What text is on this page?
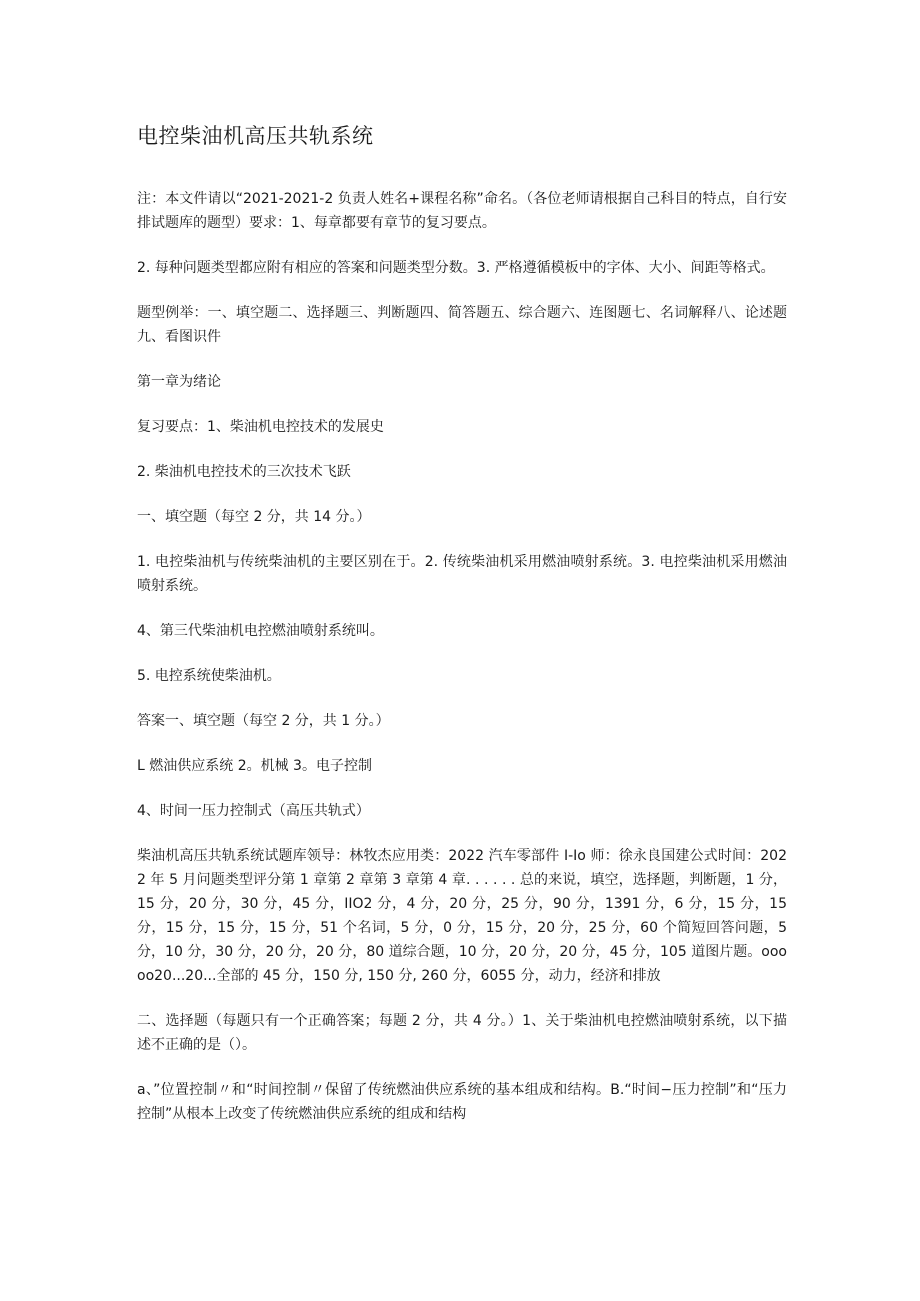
电控柴油机高压共轨系统

注：本文件请以“2021-2021-2 负责人姓名+课程名称”命名。（各位老师请根据自己科目的特点，自行安排试题库的题型）要求：1、每章都要有章节的复习要点。

2. 每种问题类型都应附有相应的答案和问题类型分数。3. 严格遵循模板中的字体、大小、间距等格式。

题型例举：一、填空题二、选择题三、判断题四、简答题五、综合题六、连图题七、名词解释八、论述题九、看图识件

第一章为绪论

复习要点：1、柴油机电控技术的发展史

2. 柴油机电控技术的三次技术飞跃

一、填空题（每空 2 分，共 14 分。）

1. 电控柴油机与传统柴油机的主要区别在于。2. 传统柴油机采用燃油喷射系统。3. 电控柴油机采用燃油喷射系统。

4、第三代柴油机电控燃油喷射系统叫。

5. 电控系统使柴油机。

答案一、填空题（每空 2 分，共 1 分。）

L 燃油供应系统 2。机械 3。电子控制

4、时间一压力控制式（高压共轨式）

柴油机高压共轨系统试题库领导：林牧杰应用类：2022 汽车零部件 I-Io 师：徐永良国建公式时间：2022 年 5 月问题类型评分第 1 章第 2 章第 3 章第 4 章. . . . . . 总的来说，填空，选择题，判断题，1 分，15 分，20 分，30 分，45 分，IIO2 分，4 分，20 分，25 分，90 分，1391 分，6 分，15 分，15 分，15 分，15 分，15 分，51 个名词，5 分，0 分，15 分，20 分，25 分，60 个简短回答问题，5 分，10 分，30 分，20 分，20 分，80 道综合题，10 分，20 分，20 分，45 分，105 道图片题。ooooo20...20...全部的 45 分，150 分, 150 分, 260 分，6055 分，动力，经济和排放

二、选择题（每题只有一个正确答案；每题 2 分，共 4 分。）1、关于柴油机电控燃油喷射系统，以下描述不正确的是（）。

a、”位置控制〃和“时间控制〃保留了传统燃油供应系统的基本组成和结构。B.“时间−压力控制”和“压力控制”从根本上改变了传统燃油供应系统的组成和结构
